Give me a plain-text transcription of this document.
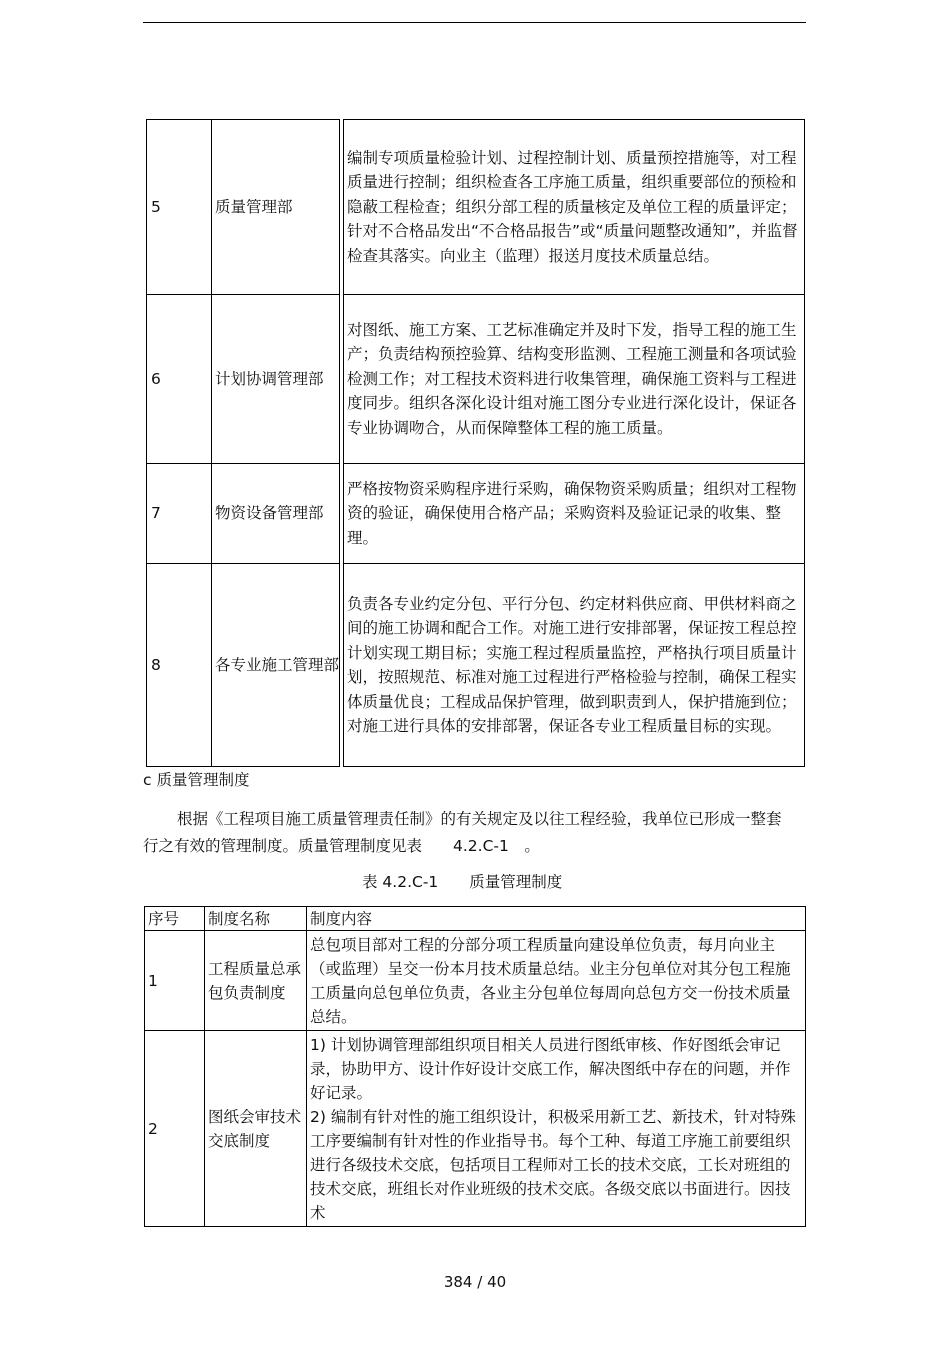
5	质量管理部		编制专项质量检验计划、过程控制计划、质量预控措施等，对工程质量进行控制；组织检查各工序施工质量，组织重要部位的预检和隐蔽工程检查；组织分部工程的质量核定及单位工程的质量评定；针对不合格品发出“不合格品报告”或“质量问题整改通知”，并监督检查其落实。向业主（监理）报送月度技术质量总结。
6	计划协调管理部		对图纸、施工方案、工艺标准确定并及时下发，指导工程的施工生产；负责结构预控验算、结构变形监测、工程施工测量和各项试验检测工作；对工程技术资料进行收集管理，确保施工资料与工程进度同步。组织各深化设计组对施工图分专业进行深化设计，保证各专业协调吻合，从而保障整体工程的施工质量。
7	物资设备管理部		严格按物资采购程序进行采购，确保物资采购质量；组织对工程物资的验证，确保使用合格产品；采购资料及验证记录的收集、整理。
8	各专业施工管理部		负责各专业约定分包、平行分包、约定材料供应商、甲供材料商之间的施工协调和配合工作。对施工进行安排部署，保证按工程总控计划实现工期目标；实施工程过程质量监控，严格执行项目质量计划，按照规范、标准对施工过程进行严格检验与控制，确保工程实体质量优良；工程成品保护管理，做到职责到人，保护措施到位；对施工进行具体的安排部署，保证各专业工程质量目标的实现。
c 质量管理制度
根据《工程项目施工质量管理责任制》的有关规定及以往工程经验，我单位已形成一整套行之有效的管理制度。质量管理制度见表　　4.2.C-1　。
表 4.2.C-1　　质量管理制度
序号	制度名称	制度内容
1	工程质量总承包负责制度	总包项目部对工程的分部分项工程质量向建设单位负责，每月向业主（或监理）呈交一份本月技术质量总结。业主分包单位对其分包工程施工质量向总包单位负责，各业主分包单位每周向总包方交一份技术质量总结。
2	图纸会审技术交底制度	1) 计划协调管理部组织项目相关人员进行图纸审核、作好图纸会审记录，协助甲方、设计作好设计交底工作，解决图纸中存在的问题，并作好记录。
2) 编制有针对性的施工组织设计，积极采用新工艺、新技术，针对特殊工序要编制有针对性的作业指导书。每个工种、每道工序施工前要组织进行各级技术交底，包括项目工程师对工长的技术交底，工长对班组的技术交底，班组长对作业班级的技术交底。各级交底以书面进行。因技术
384 / 40
